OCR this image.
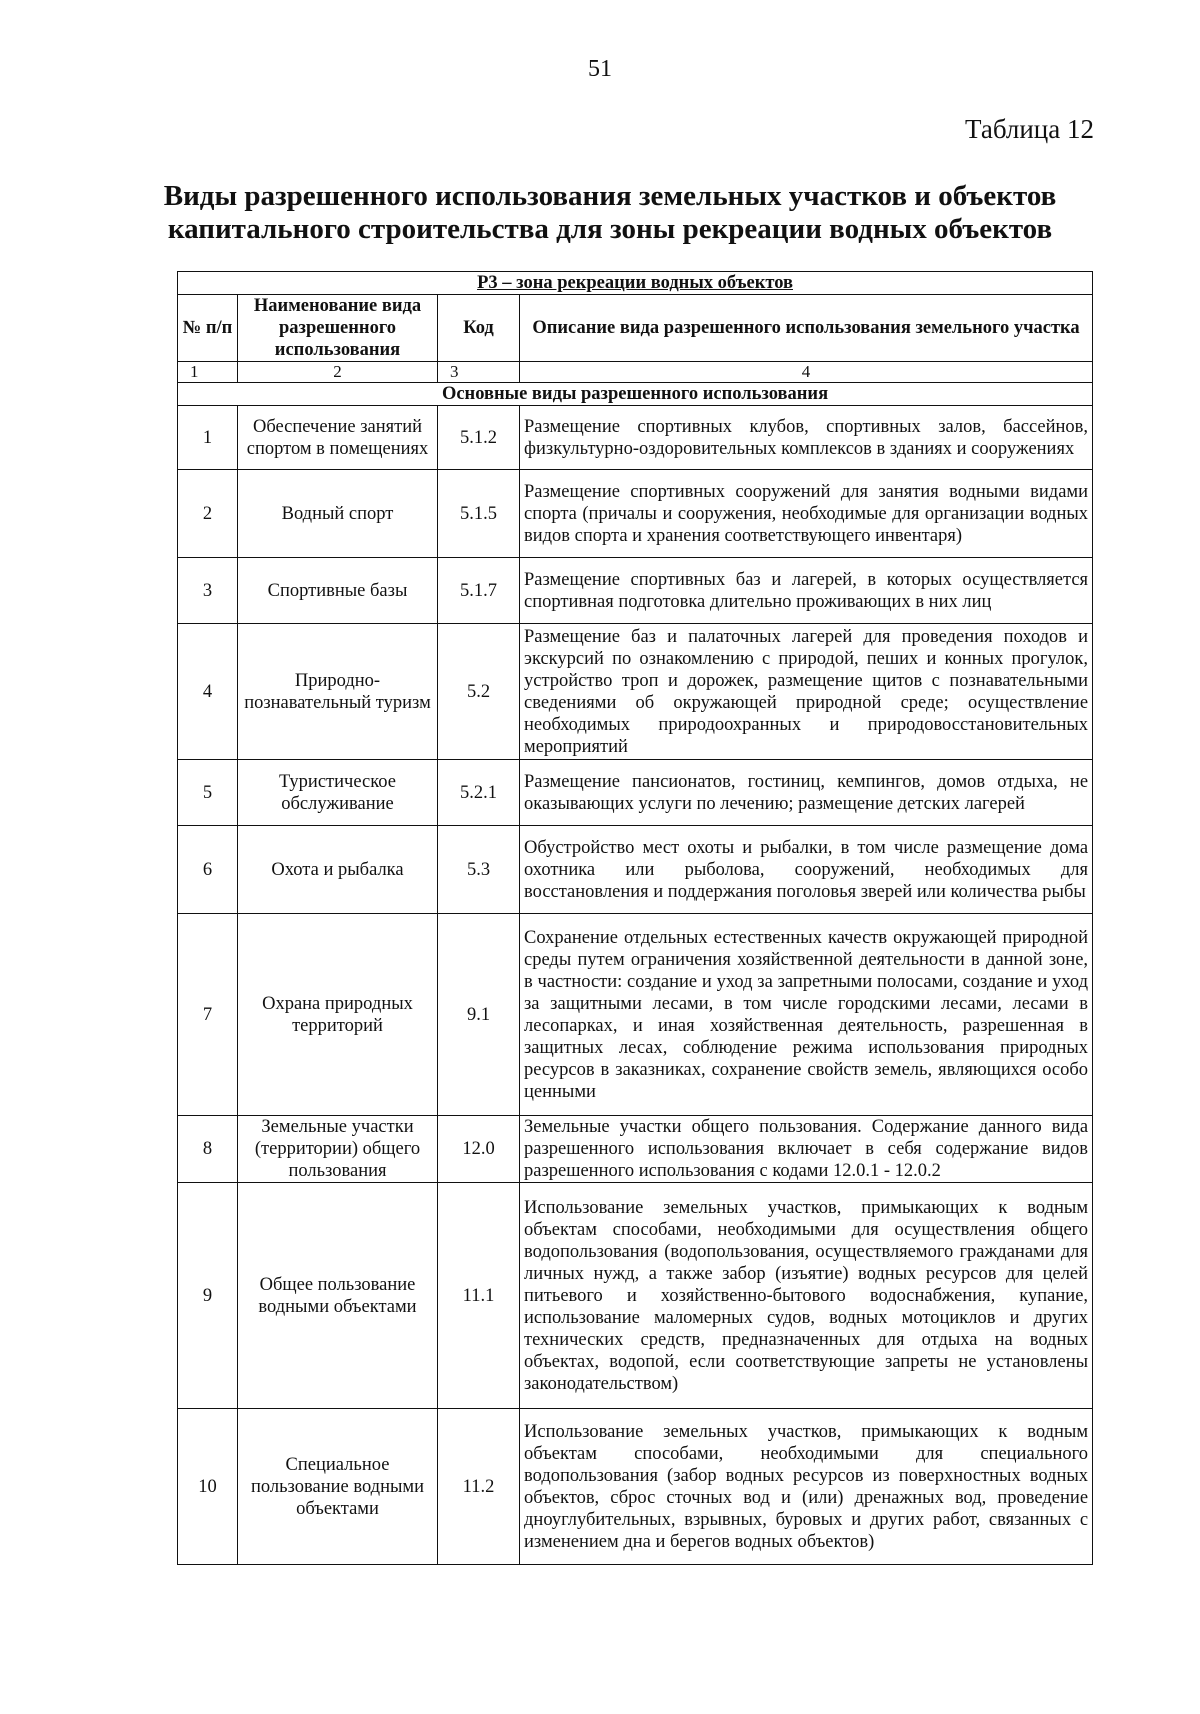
51
Таблица 12
Виды разрешенного использования земельных участков и объектов
капитального строительства для зоны рекреации водных объектов
Р3 – зона рекреации водных объектов			
№ п/п	Наименование вида разрешенного использования	Код	Описание вида разрешенного использования земельного участка
1	2	3	4
Основные виды разрешенного использования			
1	Обеспечение занятий спортом в помещениях	5.1.2	Размещение спортивных клубов, спортивных залов, бассейнов, физкультурно-оздоровительных комплексов в зданиях и сооружениях
2	Водный спорт	5.1.5	Размещение спортивных сооружений для занятия водными видами спорта (причалы и сооружения, необходимые для организации водных видов спорта и хранения соответствующего инвентаря)
3	Спортивные базы	5.1.7	Размещение спортивных баз и лагерей, в которых осуществляется спортивная подготовка длительно проживающих в них лиц
4	Природно-познавательный туризм	5.2	Размещение баз и палаточных лагерей для проведения походов и экскурсий по ознакомлению с природой, пеших и конных прогулок, устройство троп и дорожек, размещение щитов с познавательными сведениями об окружающей природной среде; осуществление необходимых природоохранных и природовосстановительных мероприятий
5	Туристическое обслуживание	5.2.1	Размещение пансионатов, гостиниц, кемпингов, домов отдыха, не оказывающих услуги по лечению; размещение детских лагерей
6	Охота и рыбалка	5.3	Обустройство мест охоты и рыбалки, в том числе размещение дома охотника или рыболова, сооружений, необходимых для восстановления и поддержания поголовья зверей или количества рыбы
7	Охрана природных территорий	9.1	Сохранение отдельных естественных качеств окружающей природной среды путем ограничения хозяйственной деятельности в данной зоне, в частности: создание и уход за запретными полосами, создание и уход за защитными лесами, в том числе городскими лесами, лесами в лесопарках, и иная хозяйственная деятельность, разрешенная в защитных лесах, соблюдение режима использования природных ресурсов в заказниках, сохранение свойств земель, являющихся особо ценными
8	Земельные участки (территории) общего пользования	12.0	Земельные участки общего пользования. Содержание данного вида разрешенного использования включает в себя содержание видов разрешенного использования с кодами 12.0.1 - 12.0.2
9	Общее пользование водными объектами	11.1	Использование земельных участков, примыкающих к водным объектам способами, необходимыми для осуществления общего водопользования (водопользования, осуществляемого гражданами для личных нужд, а также забор (изъятие) водных ресурсов для целей питьевого и хозяйственно-бытового водоснабжения, купание, использование маломерных судов, водных мотоциклов и других технических средств, предназначенных для отдыха на водных объектах, водопой, если соответствующие запреты не установлены законодательством)
10	Специальное пользование водными объектами	11.2	Использование земельных участков, примыкающих к водным объектам способами, необходимыми для специального водопользования (забор водных ресурсов из поверхностных водных объектов, сброс сточных вод и (или) дренажных вод, проведение дноуглубительных, взрывных, буровых и других работ, связанных с изменением дна и берегов водных объектов)
